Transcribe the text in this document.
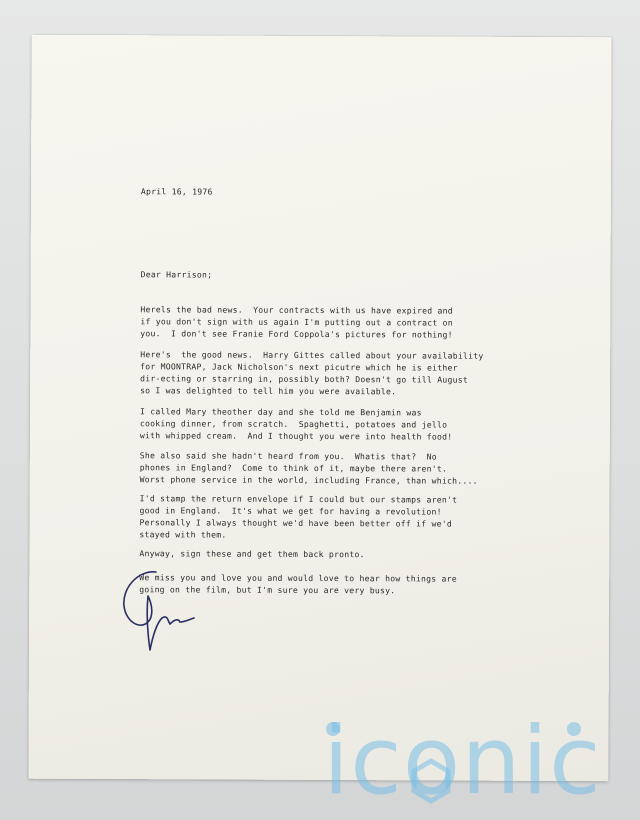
April 16, 1976
Dear Harrison;
Herels the bad news.  Your contracts with us have expired and
if you don't sign with us again I'm putting out a contract on
you.  I don't see Franie Ford Coppola's pictures for nothing!
Here's  the good news.  Harry Gittes called about your availability
for MOONTRAP, Jack Nicholson's next picutre which he is either
dir-ecting or starring in, possibly both? Doesn't go till August
so I was delighted to tell him you were available.
I called Mary theother day and she told me Benjamin was
cooking dinner, from scratch.  Spaghetti, potatoes and jello
with whipped cream.  And I thought you were into health food!
She also said she hadn't heard from you.  Whatis that?  No
phones in England?  Come to think of it, maybe there aren't.
Worst phone service in the world, including France, than which....
I'd stamp the return envelope if I could but our stamps aren't
good in England.  It's what we get for having a revolution!
Personally I always thought we'd have been better off if we'd
stayed with them.
Anyway, sign these and get them back pronto.
We miss you and love you and would love to hear how things are
going on the film, but I'm sure you are very busy.
iconic
